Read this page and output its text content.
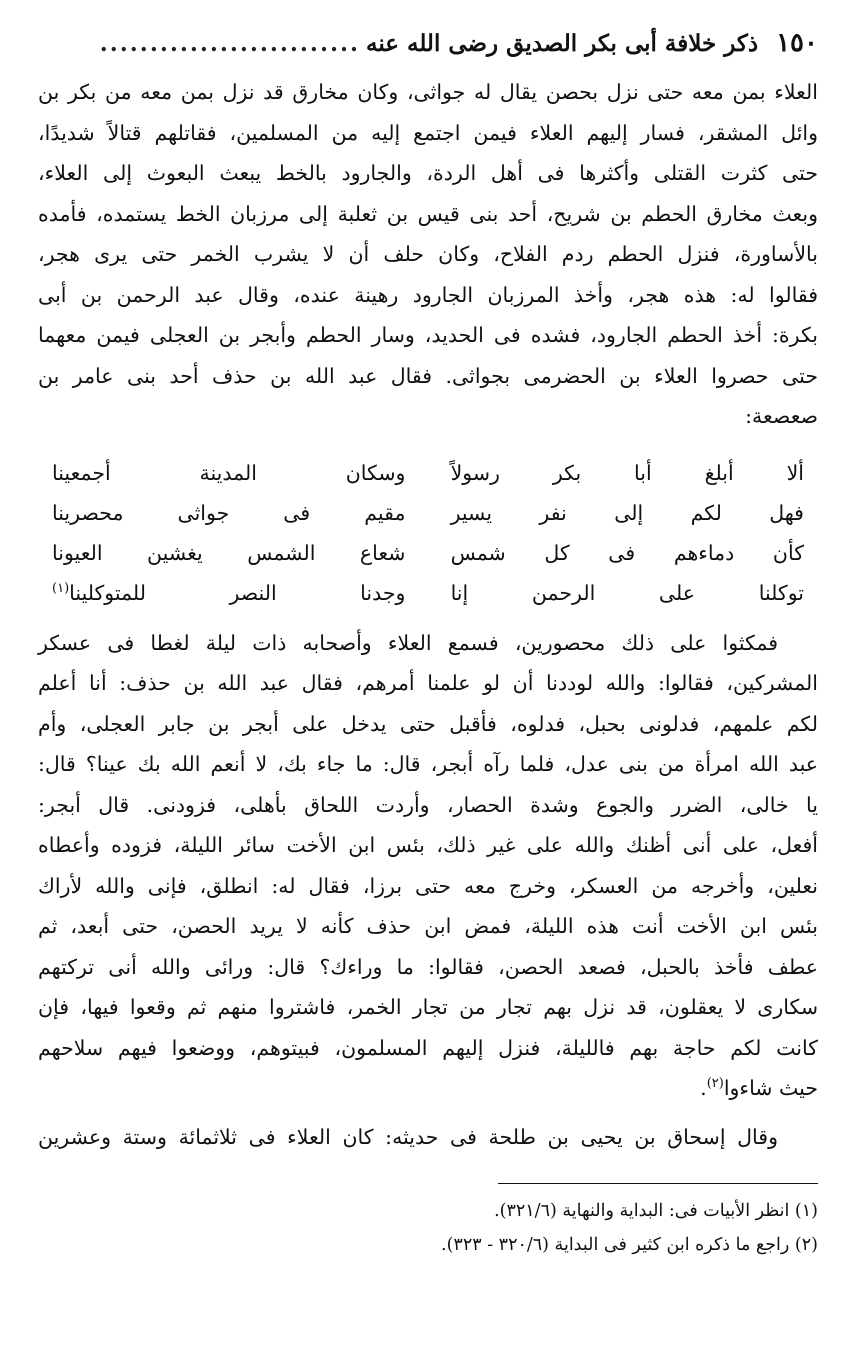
١٥٠
ذكر خلافة أبى بكر الصديق رضى الله عنه
..........................

العلاء بمن معه حتى نزل بحصن يقال له جواثى، وكان مخارق قد نزل بمن معه من بكر بن
وائل المشقر، فسار إليهم العلاء فيمن اجتمع إليه من المسلمين، فقاتلهم قتالاً شديدًا،
حتى كثرت القتلى وأكثرها فى أهل الردة، والجارود بالخط يبعث البعوث إلى العلاء،
وبعث مخارق الحطم بن شريح، أحد بنى قيس بن ثعلبة إلى مرزبان الخط يستمده، فأمده
بالأساورة، فنزل الحطم ردم الفلاح، وكان حلف أن لا يشرب الخمر حتى يرى هجر،
فقالوا له: هذه هجر، وأخذ المرزبان الجارود رهينة عنده، وقال عبد الرحمن بن أبى
بكرة: أخذ الحطم الجارود، فشده فى الحديد، وسار الحطم وأبجر بن العجلى فيمن معهما
حتى حصروا العلاء بن الحضرمى بجواثى. فقال عبد الله بن حذف أحد بنى عامر بن
صعصعة:

ألا أبلغ أبا بكر رسولاً
وسكان المدينة أجمعينا
فهل لكم إلى نفر يسير
مقيم فى جواثى محصرينا
كأن دماءهم فى كل شمس
شعاع الشمس يغشين العيونا
توكلنا على الرحمن إنا
وجدنا النصر للمتوكلينا$^{(١)}$

فمكثوا على ذلك محصورين، فسمع العلاء وأصحابه ذات ليلة لغطا فى عسكر
المشركين، فقالوا: والله لوددنا أن لو علمنا أمرهم، فقال عبد الله بن حذف: أنا أعلم
لكم علمهم، فدلونى بحبل، فدلوه، فأقبل حتى يدخل على أبجر بن جابر العجلى، وأم
عبد الله امرأة من بنى عدل، فلما رآه أبجر، قال: ما جاء بك، لا أنعم الله بك عينا؟ قال:
يا خالى، الضرر والجوع وشدة الحصار، وأردت اللحاق بأهلى، فزودنى. قال أبجر:
أفعل، على أنى أظنك والله على غير ذلك، بئس ابن الأخت سائر الليلة، فزوده وأعطاه
نعلين، وأخرجه من العسكر، وخرج معه حتى برزا، فقال له: انطلق، فإنى والله لأراك
بئس ابن الأخت أنت هذه الليلة، فمض ابن حذف كأنه لا يريد الحصن، حتى أبعد، ثم
عطف فأخذ بالحبل، فصعد الحصن، فقالوا: ما وراءك؟ قال: ورائى والله أنى تركتهم
سكارى لا يعقلون، قد نزل بهم تجار من تجار الخمر، فاشتروا منهم ثم وقعوا فيها، فإن
كانت لكم حاجة بهم فالليلة، فنزل إليهم المسلمون، فبيتوهم، ووضعوا فيهم سلاحهم
حيث شاءوا$^{(٢)}$.

وقال إسحاق بن يحيى بن طلحة فى حديثه: كان العلاء فى ثلاثمائة وستة وعشرين

(١) انظر الأبيات فى: البداية والنهاية (٣٢١/٦).
(٢) راجع ما ذكره ابن كثير فى البداية (٣٢٠/٦ - ٣٢٣).
